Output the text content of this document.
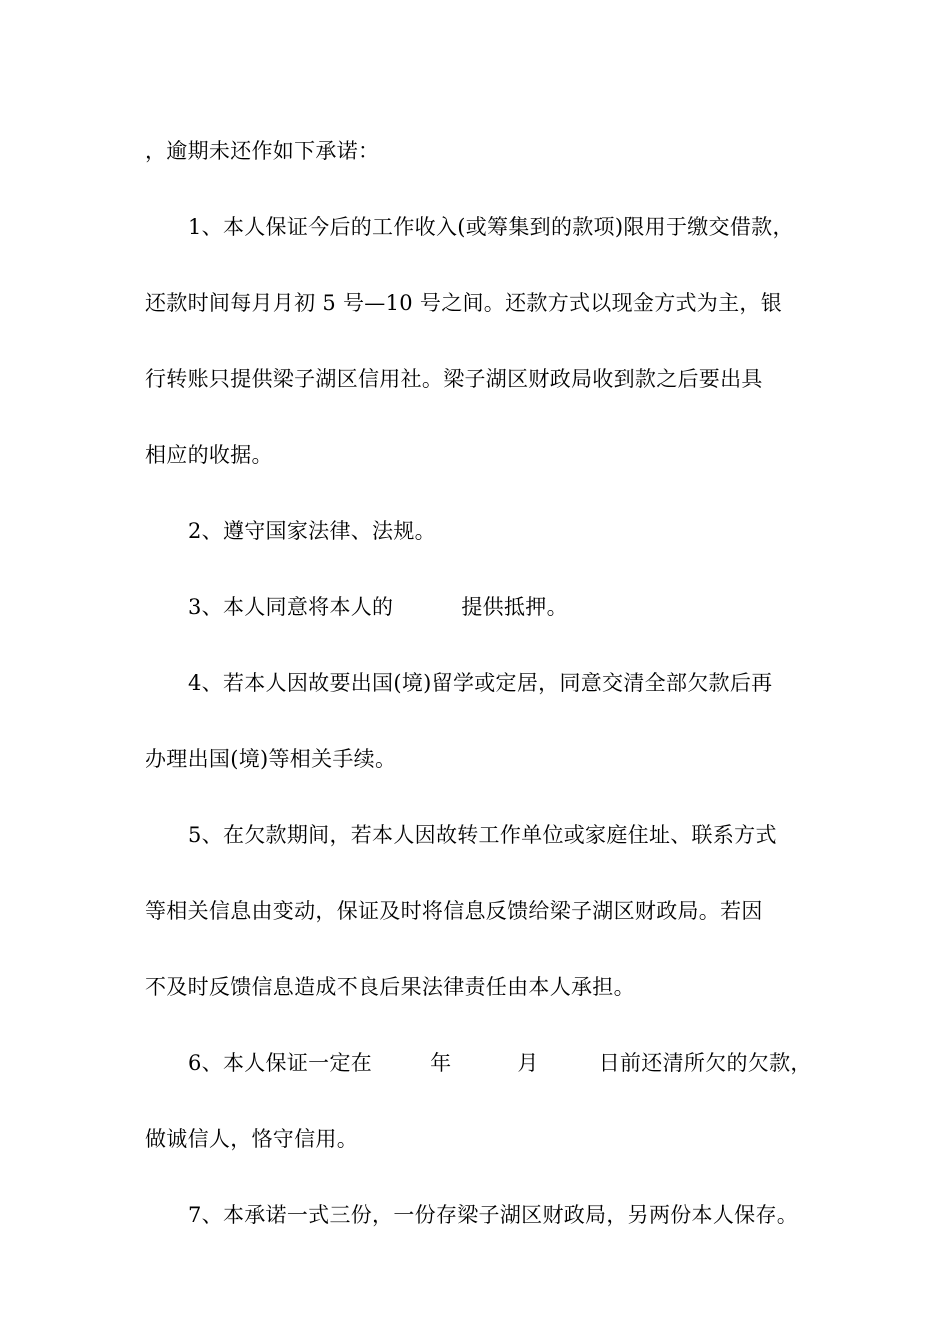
，逾期未还作如下承诺：
1、本人保证今后的工作收入(或筹集到的款项)限用于缴交借款，
还款时间每月月初 5 号—10 号之间。还款方式以现金方式为主，银
行转账只提供梁子湖区信用社。梁子湖区财政局收到款之后要出具
相应的收据。
2、遵守国家法律、法规。
3、本人同意将本人的	提供抵押。
4、若本人因故要出国(境)留学或定居，同意交清全部欠款后再
办理出国(境)等相关手续。
5、在欠款期间，若本人因故转工作单位或家庭住址、联系方式
等相关信息由变动，保证及时将信息反馈给梁子湖区财政局。若因
不及时反馈信息造成不良后果法律责任由本人承担。
6、本人保证一定在	年	月	日前还清所欠的欠款，
做诚信人，恪守信用。
7、本承诺一式三份，一份存梁子湖区财政局，另两份本人保存。
